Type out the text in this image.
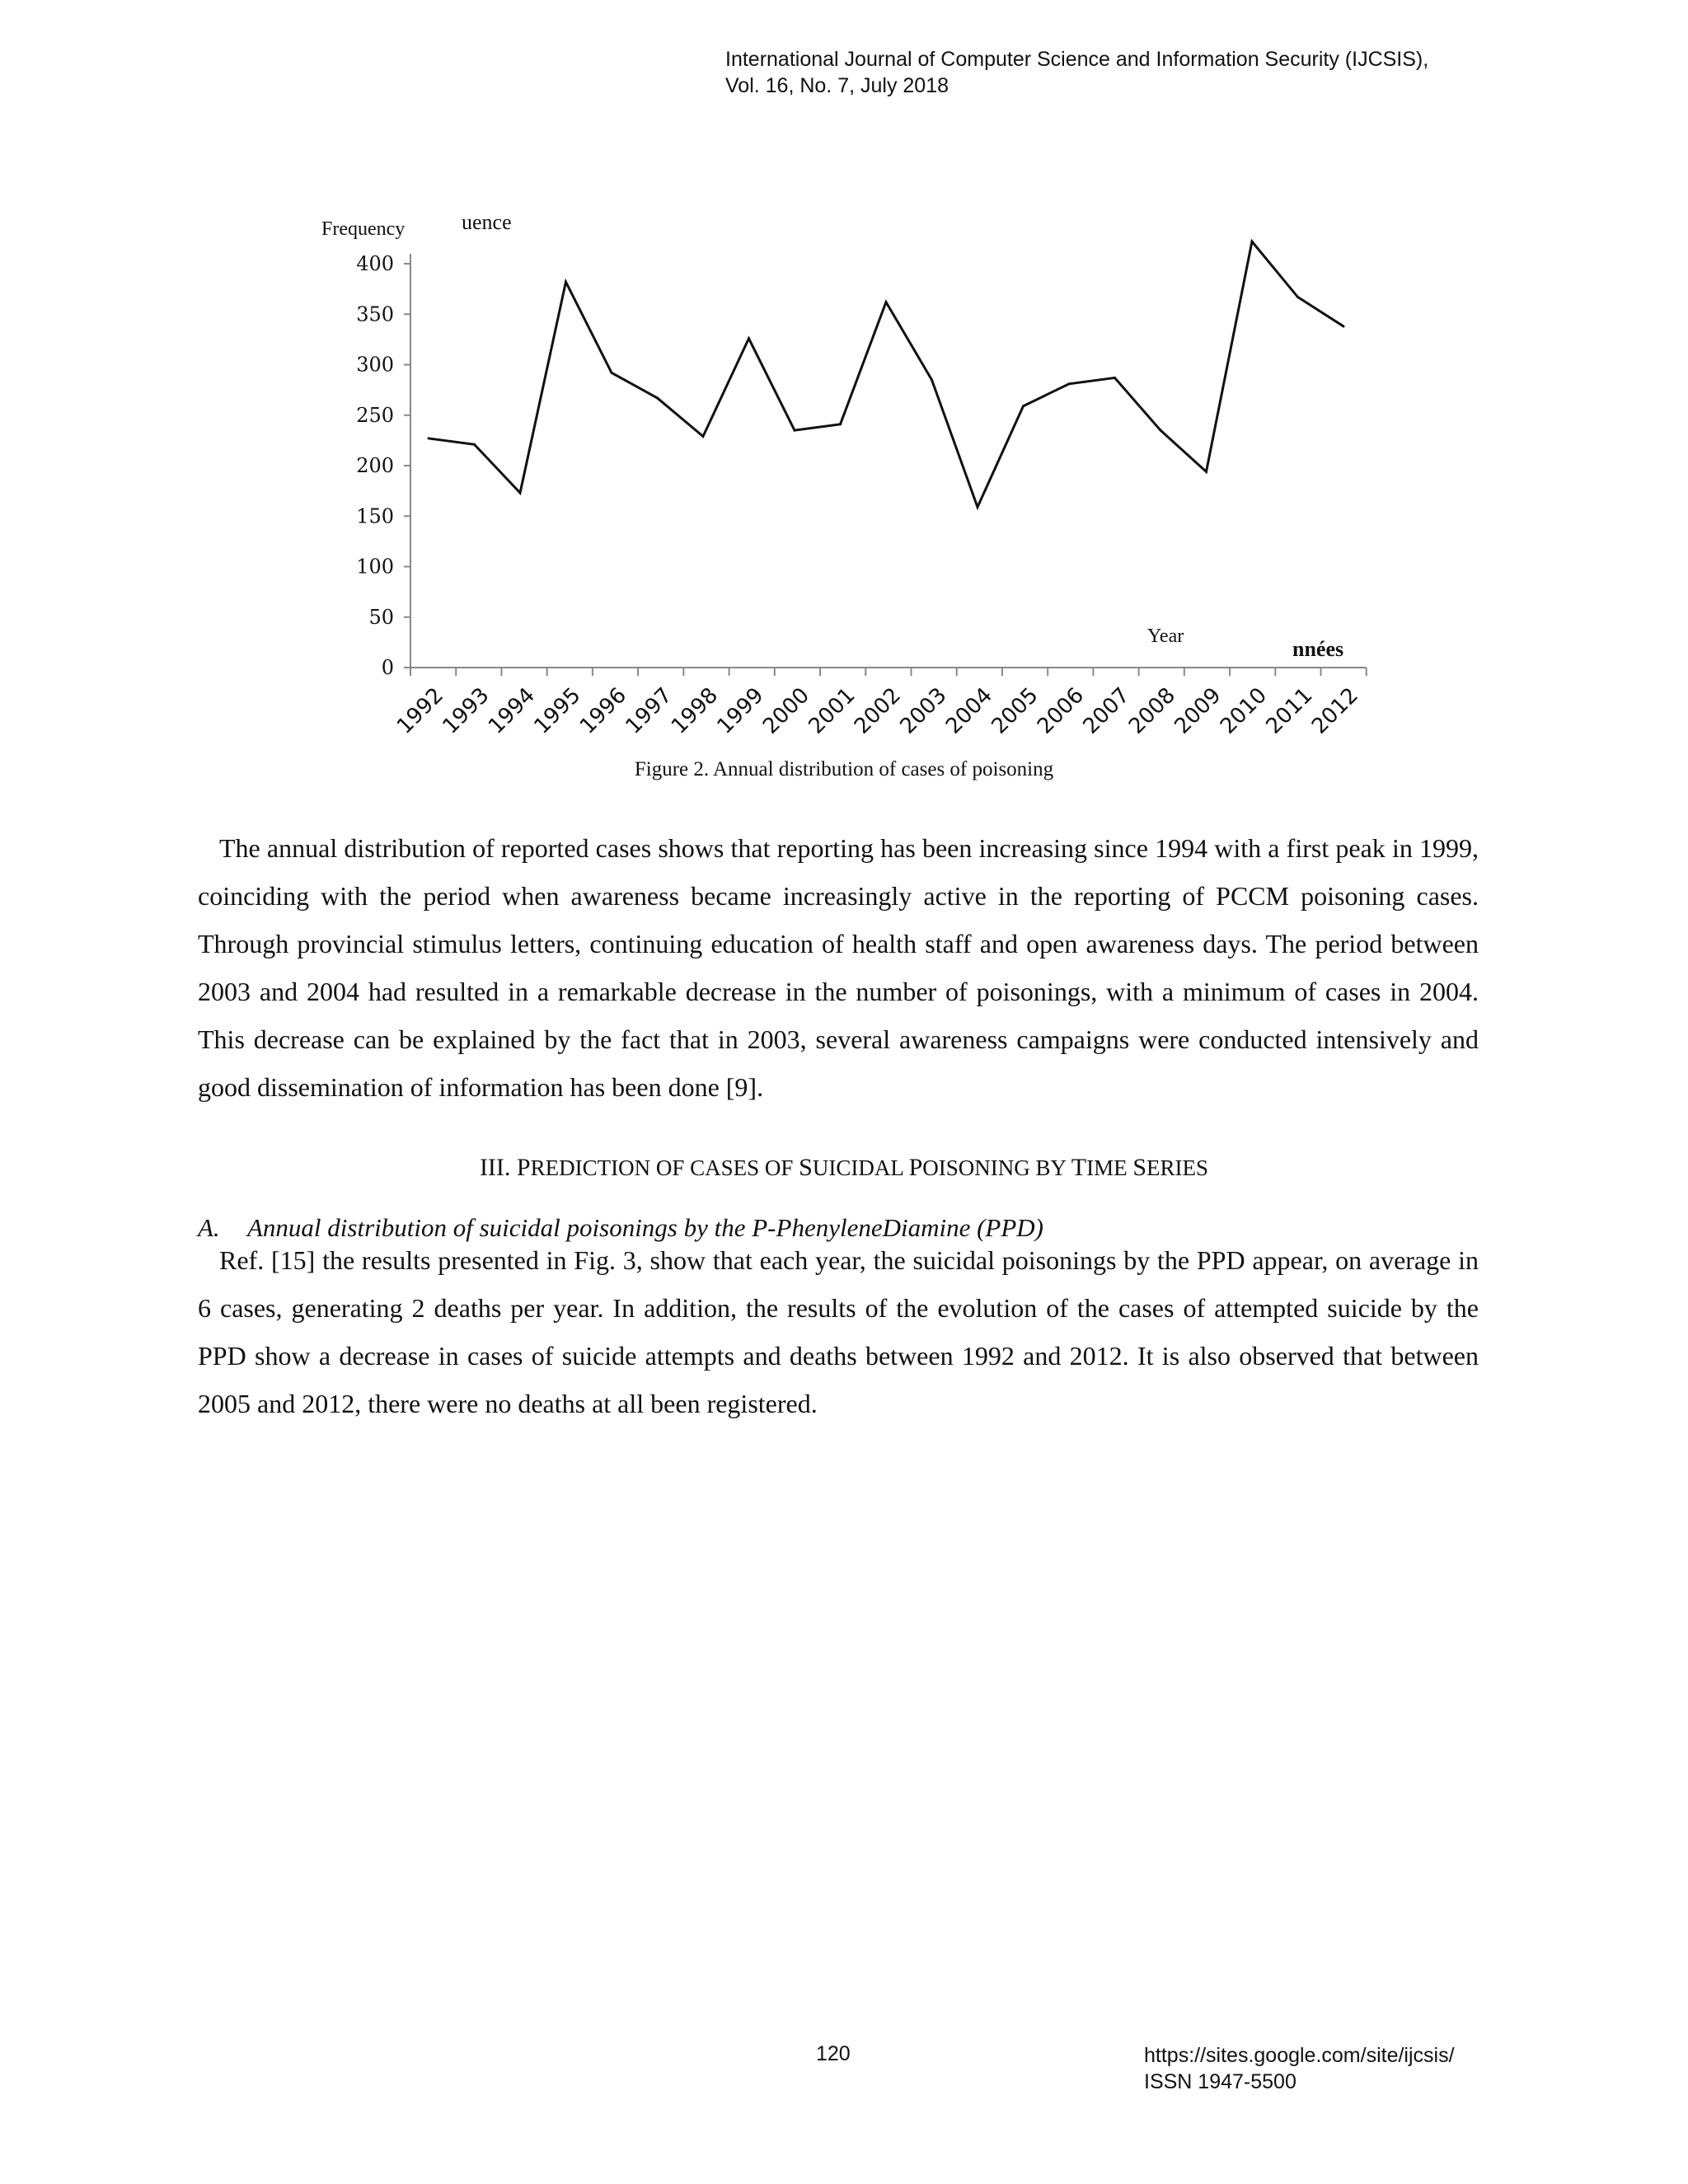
International Journal of Computer Science and Information Security (IJCSIS),
Vol. 16, No. 7, July 2018
Frequency	uence
Year
nnées
0
50
100
150
200
250
300
350
400
1992
1993
1994
1995
1996
1997
1998
1999
2000
2001
2002
2003
2004
2005
2006
2007
2008
2009
2010
2011
2012
Figure 2. Annual distribution of cases of poisoning

The annual distribution of reported cases shows that reporting has been increasing since 1994 with a first peak in 1999, coinciding with the period when awareness became increasingly active in the reporting of PCCM poisoning cases. Through provincial stimulus letters, continuing education of health staff and open awareness days. The period between 2003 and 2004 had resulted in a remarkable decrease in the number of poisonings, with a minimum of cases in 2004. This decrease can be explained by the fact that in 2003, several awareness campaigns were conducted intensively and good dissemination of information has been done [9].

III. PREDICTION OF CASES OF SUICIDAL POISONING BY TIME SERIES

A. Annual distribution of suicidal poisonings by the P-PhenyleneDiamine (PPD)

Ref. [15] the results presented in Fig. 3, show that each year, the suicidal poisonings by the PPD appear, on average in 6 cases, generating 2 deaths per year. In addition, the results of the evolution of the cases of attempted suicide by the PPD show a decrease in cases of suicide attempts and deaths between 1992 and 2012. It is also observed that between 2005 and 2012, there were no deaths at all been registered.

120	https://sites.google.com/site/ijcsis/
ISSN 1947-5500
